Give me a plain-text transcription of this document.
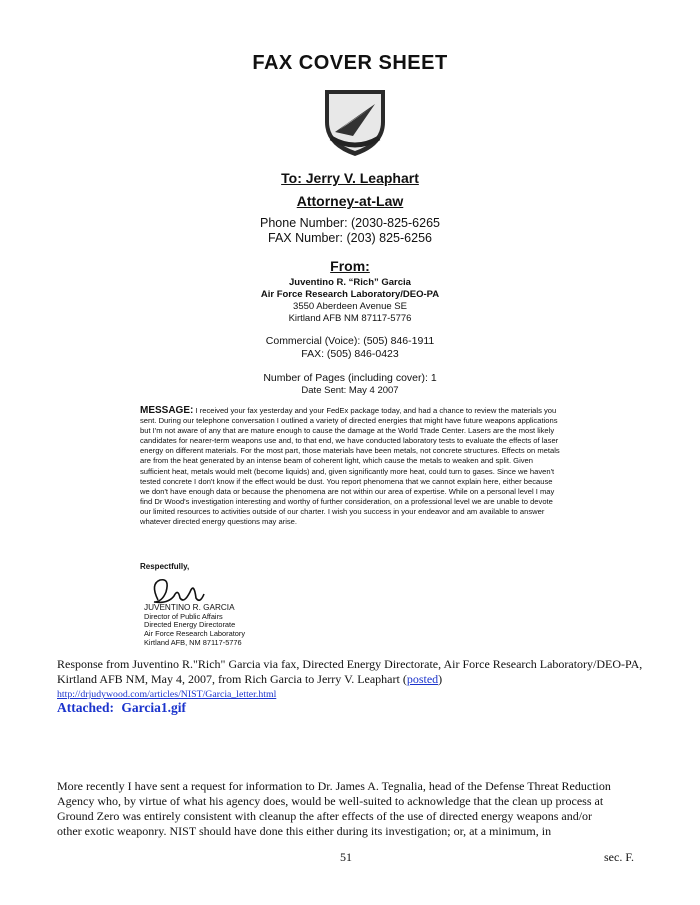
FAX COVER SHEET
To: Jerry V. Leaphart
Attorney-at-Law
Phone Number: (2030-825-6265
FAX Number: (203) 825-6256
From:
Juventino R. “Rich” Garcia
Air Force Research Laboratory/DEO-PA
3550 Aberdeen Avenue SE
Kirtland AFB NM 87117-5776
Commercial (Voice): (505) 846-1911
FAX: (505) 846-0423
Number of Pages (including cover): 1
Date Sent: May 4 2007
MESSAGE: I received your fax yesterday and your FedEx package today, and had a chance to review the materials you sent. During our telephone conversation I outlined a variety of directed energies that might have future weapons applications but I'm not aware of any that are mature enough to cause the damage at the World Trade Center. Lasers are the most likely candidates for nearer-term weapons use and, to that end, we have conducted laboratory tests to evaluate the effects of laser energy on different materials. For the most part, those materials have been metals, not concrete structures. Effects on metals are from the heat generated by an intense beam of coherent light, which cause the metals to weaken and split. Given sufficient heat, metals would melt (become liquids) and, given significantly more heat, could turn to gases. Since we haven't tested concrete I don't know if the effect would be dust. You report phenomena that we cannot explain here, either because we don't have enough data or because the phenomena are not within our area of expertise. While on a personal level I may find Dr Wood's investigation interesting and worthy of further consideration, on a professional level we are unable to devote our limited resources to activities outside of our charter. I wish you success in your endeavor and am available to answer whatever directed energy questions may arise.
Respectfully,
JUVENTINO R. GARCIA
Director of Public Affairs
Directed Energy Directorate
Air Force Research Laboratory
Kirtland AFB, NM 87117-5776
Response from Juventino R."Rich" Garcia via fax, Directed Energy Directorate, Air Force Research Laboratory/DEO-PA, Kirtland AFB NM, May 4, 2007, from Rich Garcia to Jerry V. Leaphart (posted)
http://drjudywood.com/articles/NIST/Garcia_letter.html
Attached: Garcia1.gif
More recently I have sent a request for information to Dr. James A. Tegnalia, head of the Defense Threat Reduction
Agency who, by virtue of what his agency does, would be well-suited to acknowledge that the clean up process at
Ground Zero was entirely consistent with cleanup the after effects of the use of directed energy weapons and/or
other exotic weaponry. NIST should have done this either during its investigation; or, at a minimum, in
51	sec. F.
